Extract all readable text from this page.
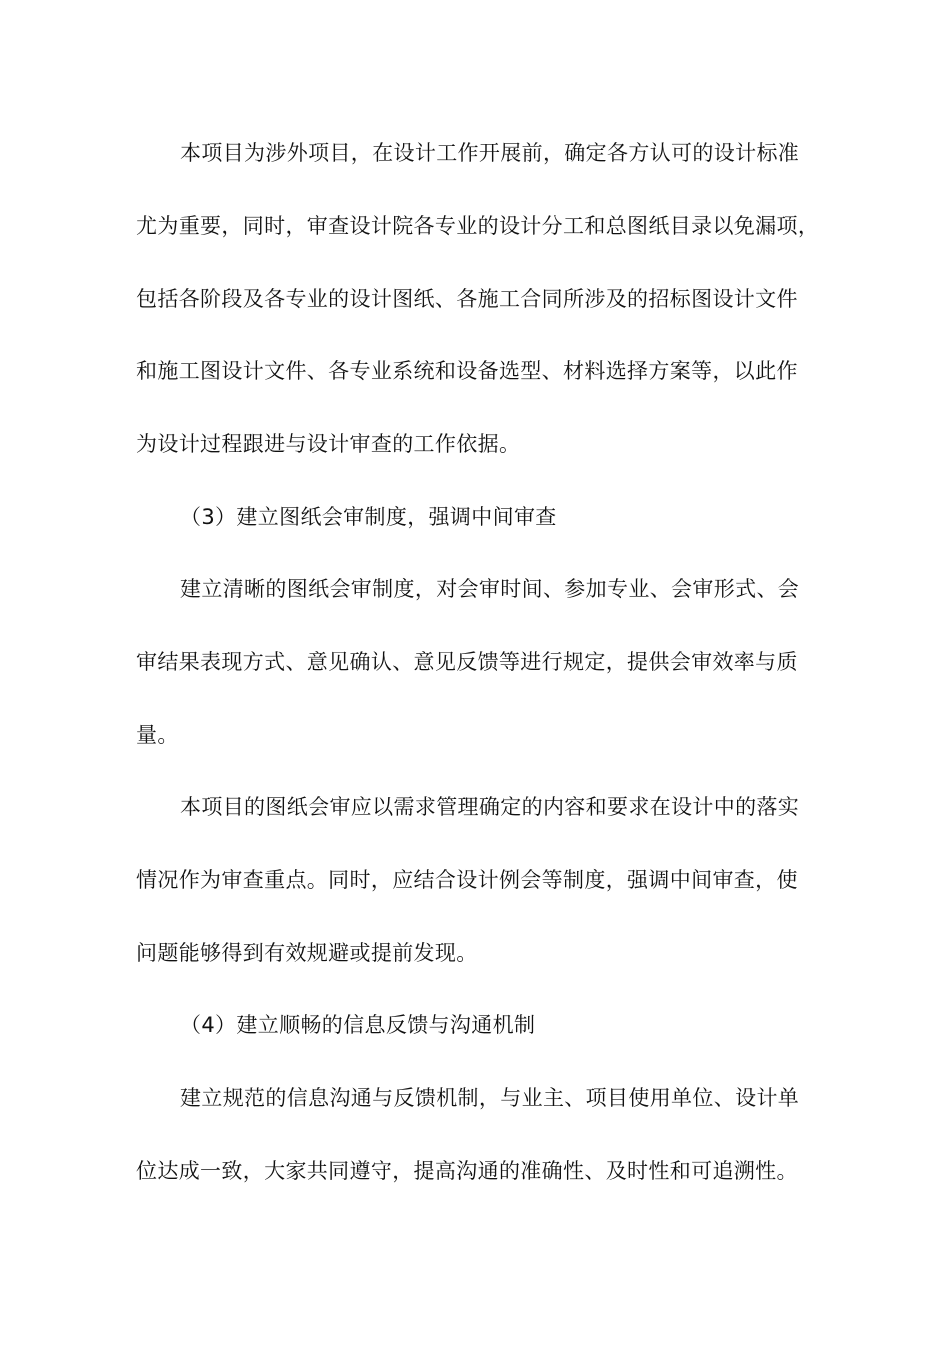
本项目为涉外项目，在设计工作开展前，确定各方认可的设计标准
尤为重要，同时，审查设计院各专业的设计分工和总图纸目录以免漏项，
包括各阶段及各专业的设计图纸、各施工合同所涉及的招标图设计文件
和施工图设计文件、各专业系统和设备选型、材料选择方案等，以此作
为设计过程跟进与设计审查的工作依据。
（3）建立图纸会审制度，强调中间审查
建立清晰的图纸会审制度，对会审时间、参加专业、会审形式、会
审结果表现方式、意见确认、意见反馈等进行规定，提供会审效率与质
量。
本项目的图纸会审应以需求管理确定的内容和要求在设计中的落实
情况作为审查重点。同时，应结合设计例会等制度，强调中间审查，使
问题能够得到有效规避或提前发现。
（4）建立顺畅的信息反馈与沟通机制
建立规范的信息沟通与反馈机制，与业主、项目使用单位、设计单
位达成一致，大家共同遵守，提高沟通的准确性、及时性和可追溯性。
